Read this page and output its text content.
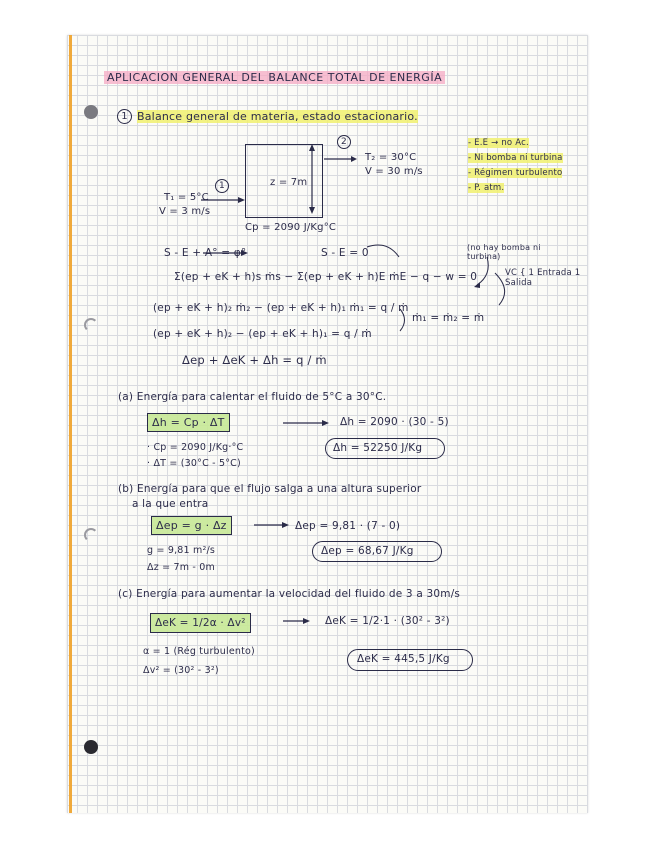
APLICACION GENERAL DEL BALANCE TOTAL DE ENERGÍA
1 Balance general de materia, estado estacionario.
2
1
T₂ = 30°C
V = 30 m/s
z = 7m
T₁ = 5°C
V = 3 m/s
Cp = 2090 J/Kg°C
- E.E → no Ac.
- Ni bomba ni turbina
- Régimen turbulento
- P. atm.
S - E + A° = φ°	S - E = 0	(no hay bomba ni turbina)
Σ(ep + eK + h)s ṁs − Σ(ep + eK + h)E ṁE − q − w = 0	VC { 1 Entrada 1 Salida
(ep + eK + h)₂ ṁ₂ − (ep + eK + h)₁ ṁ₁ = q / ṁ
ṁ₁ = ṁ₂ = ṁ
(ep + eK + h)₂ − (ep + eK + h)₁ = q / ṁ
Δep + ΔeK + Δh = q / ṁ
(a) Energía para calentar el fluido de 5°C a 30°C.
Δh = Cp · ΔT	Δh = 2090 · (30 - 5)
· Cp = 2090 J/Kg·°C
· ΔT = (30°C - 5°C)
Δh = 52250 J/Kg
(b) Energía para que el flujo salga a una altura superior
a la que entra
Δep = g · Δz	Δep = 9,81 · (7 - 0)
g = 9,81 m²/s
Δz = 7m - 0m
Δep = 68,67 J/Kg
(c) Energía para aumentar la velocidad del fluido de 3 a 30m/s
ΔeK = 1/2α · Δv²	ΔeK = 1/2·1 · (30² - 3²)
α = 1 (Rég turbulento)
Δv² = (30² - 3²)
ΔeK = 445,5 J/Kg
